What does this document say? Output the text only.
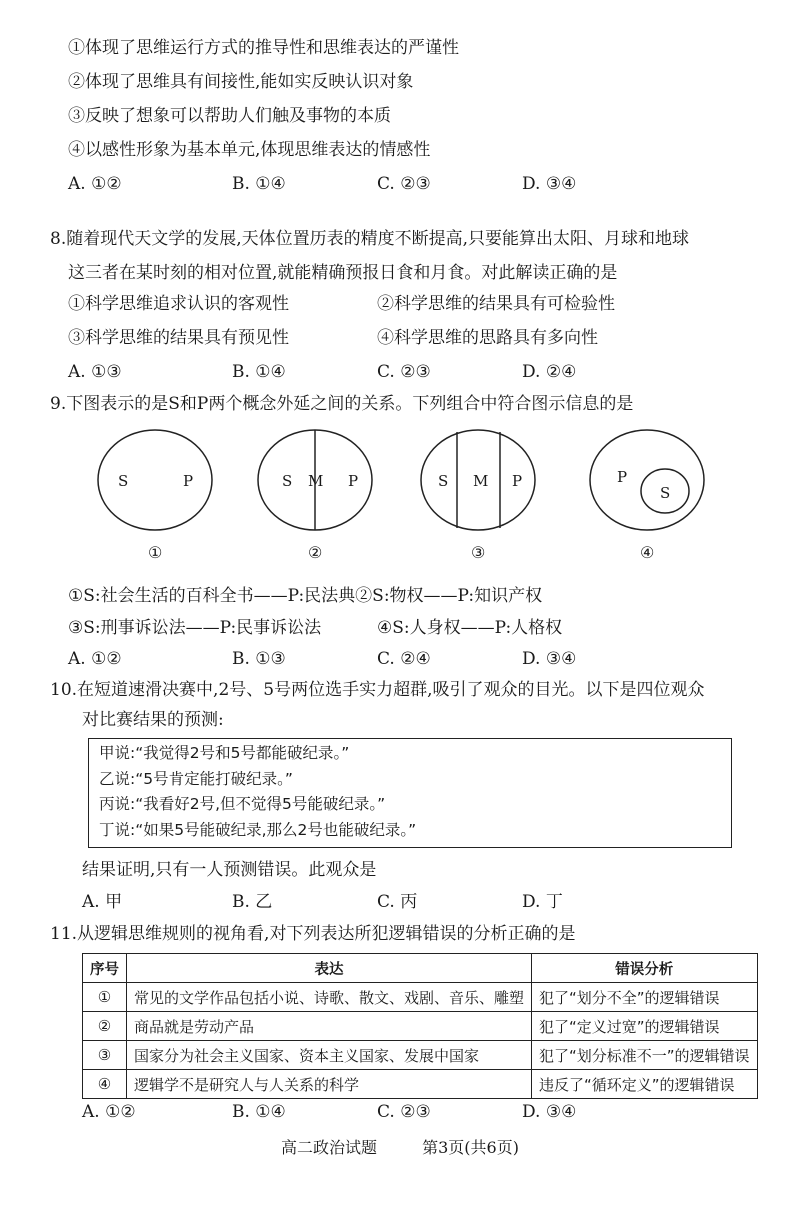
①体现了思维运行方式的推导性和思维表达的严谨性
②体现了思维具有间接性,能如实反映认识对象
③反映了想象可以帮助人们触及事物的本质
④以感性形象为基本单元,体现思维表达的情感性
A. ①②	B. ①④	C. ②③	D. ③④
8.随着现代天文学的发展,天体位置历表的精度不断提高,只要能算出太阳、月球和地球
这三者在某时刻的相对位置,就能精确预报日食和月食。对此解读正确的是
①科学思维追求认识的客观性	②科学思维的结果具有可检验性
③科学思维的结果具有预见性	④科学思维的思路具有多向性
A. ①③	B. ①④	C. ②③	D. ②④
9.下图表示的是S和P两个概念外延之间的关系。下列组合中符合图示信息的是
S	P
①
S M P
②
S M P
③
P
S
④
①S:社会生活的百科全书——P:民法典②S:物权——P:知识产权
③S:刑事诉讼法——P:民事诉讼法	④S:人身权——P:人格权
A. ①②	B. ①③	C. ②④	D. ③④
10.在短道速滑决赛中,2号、5号两位选手实力超群,吸引了观众的目光。以下是四位观众
对比赛结果的预测:
甲说:“我觉得2号和5号都能破纪录。”
乙说:“5号肯定能打破纪录。”
丙说:“我看好2号,但不觉得5号能破纪录。”
丁说:“如果5号能破纪录,那么2号也能破纪录。”
结果证明,只有一人预测错误。此观众是
A. 甲	B. 乙	C. 丙	D. 丁
11.从逻辑思维规则的视角看,对下列表达所犯逻辑错误的分析正确的是
序号	表达	错误分析
①	常见的文学作品包括小说、诗歌、散文、戏剧、音乐、雕塑	犯了“划分不全”的逻辑错误
②	商品就是劳动产品	犯了“定义过宽”的逻辑错误
③	国家分为社会主义国家、资本主义国家、发展中国家	犯了“划分标准不一”的逻辑错误
④	逻辑学不是研究人与人关系的科学	违反了“循环定义”的逻辑错误
A. ①②	B. ①④	C. ②③	D. ③④
高二政治试题	第3页(共6页)
